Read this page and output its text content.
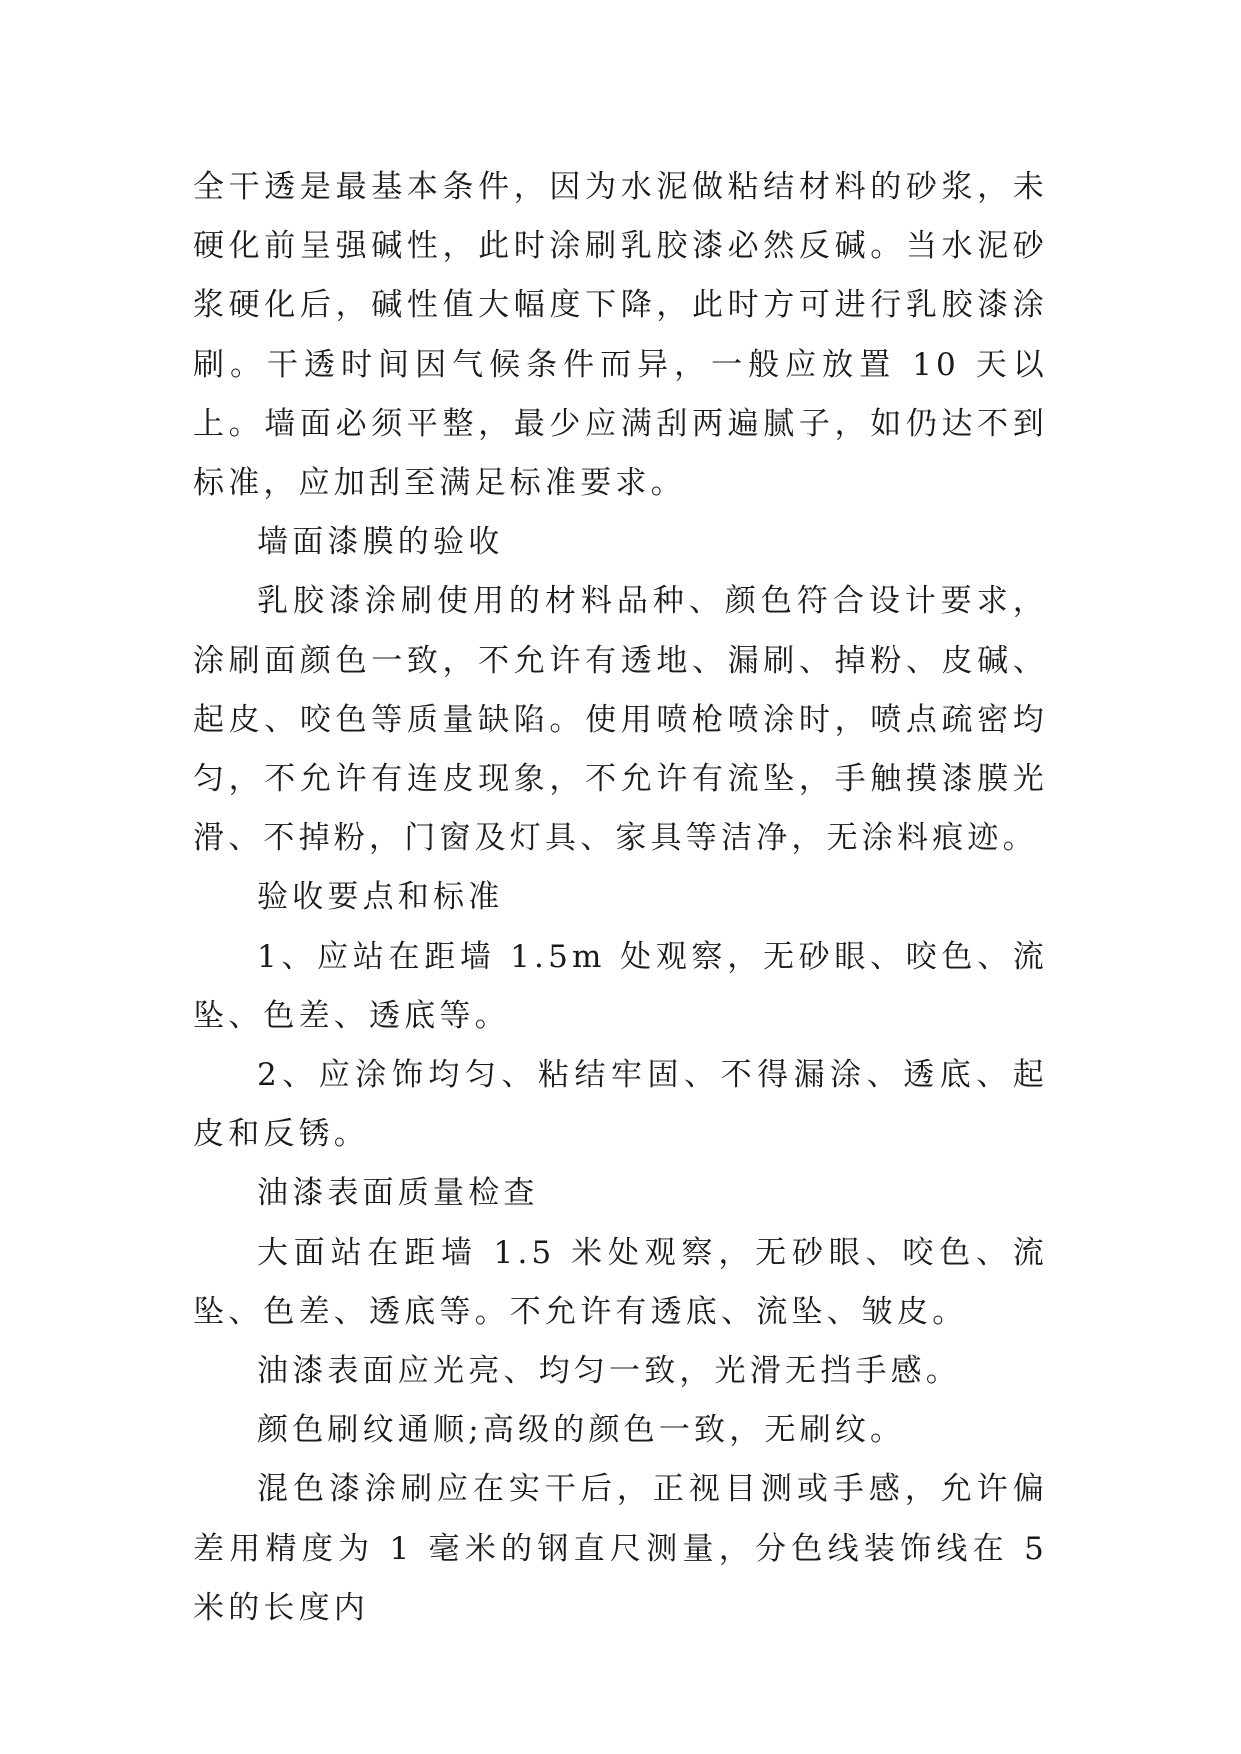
全干透是最基本条件，因为水泥做粘结材料的砂浆，未硬化前呈强碱性，此时涂刷乳胶漆必然反碱。当水泥砂浆硬化后，碱性值大幅度下降，此时方可进行乳胶漆涂刷。干透时间因气候条件而异，一般应放置 10 天以上。墙面必须平整，最少应满刮两遍腻子，如仍达不到标准，应加刮至满足标准要求。

墙面漆膜的验收

乳胶漆涂刷使用的材料品种、颜色符合设计要求，涂刷面颜色一致，不允许有透地、漏刷、掉粉、皮碱、起皮、咬色等质量缺陷。使用喷枪喷涂时，喷点疏密均匀，不允许有连皮现象，不允许有流坠，手触摸漆膜光滑、不掉粉，门窗及灯具、家具等洁净，无涂料痕迹。

验收要点和标准

1、应站在距墙 1.5m 处观察，无砂眼、咬色、流坠、色差、透底等。

2、应涂饰均匀、粘结牢固、不得漏涂、透底、起皮和反锈。

油漆表面质量检查

大面站在距墙 1.5 米处观察，无砂眼、咬色、流坠、色差、透底等。不允许有透底、流坠、皱皮。

油漆表面应光亮、均匀一致，光滑无挡手感。

颜色刷纹通顺;高级的颜色一致，无刷纹。

混色漆涂刷应在实干后，正视目测或手感，允许偏差用精度为 1 毫米的钢直尺测量，分色线装饰线在 5 米的长度内
